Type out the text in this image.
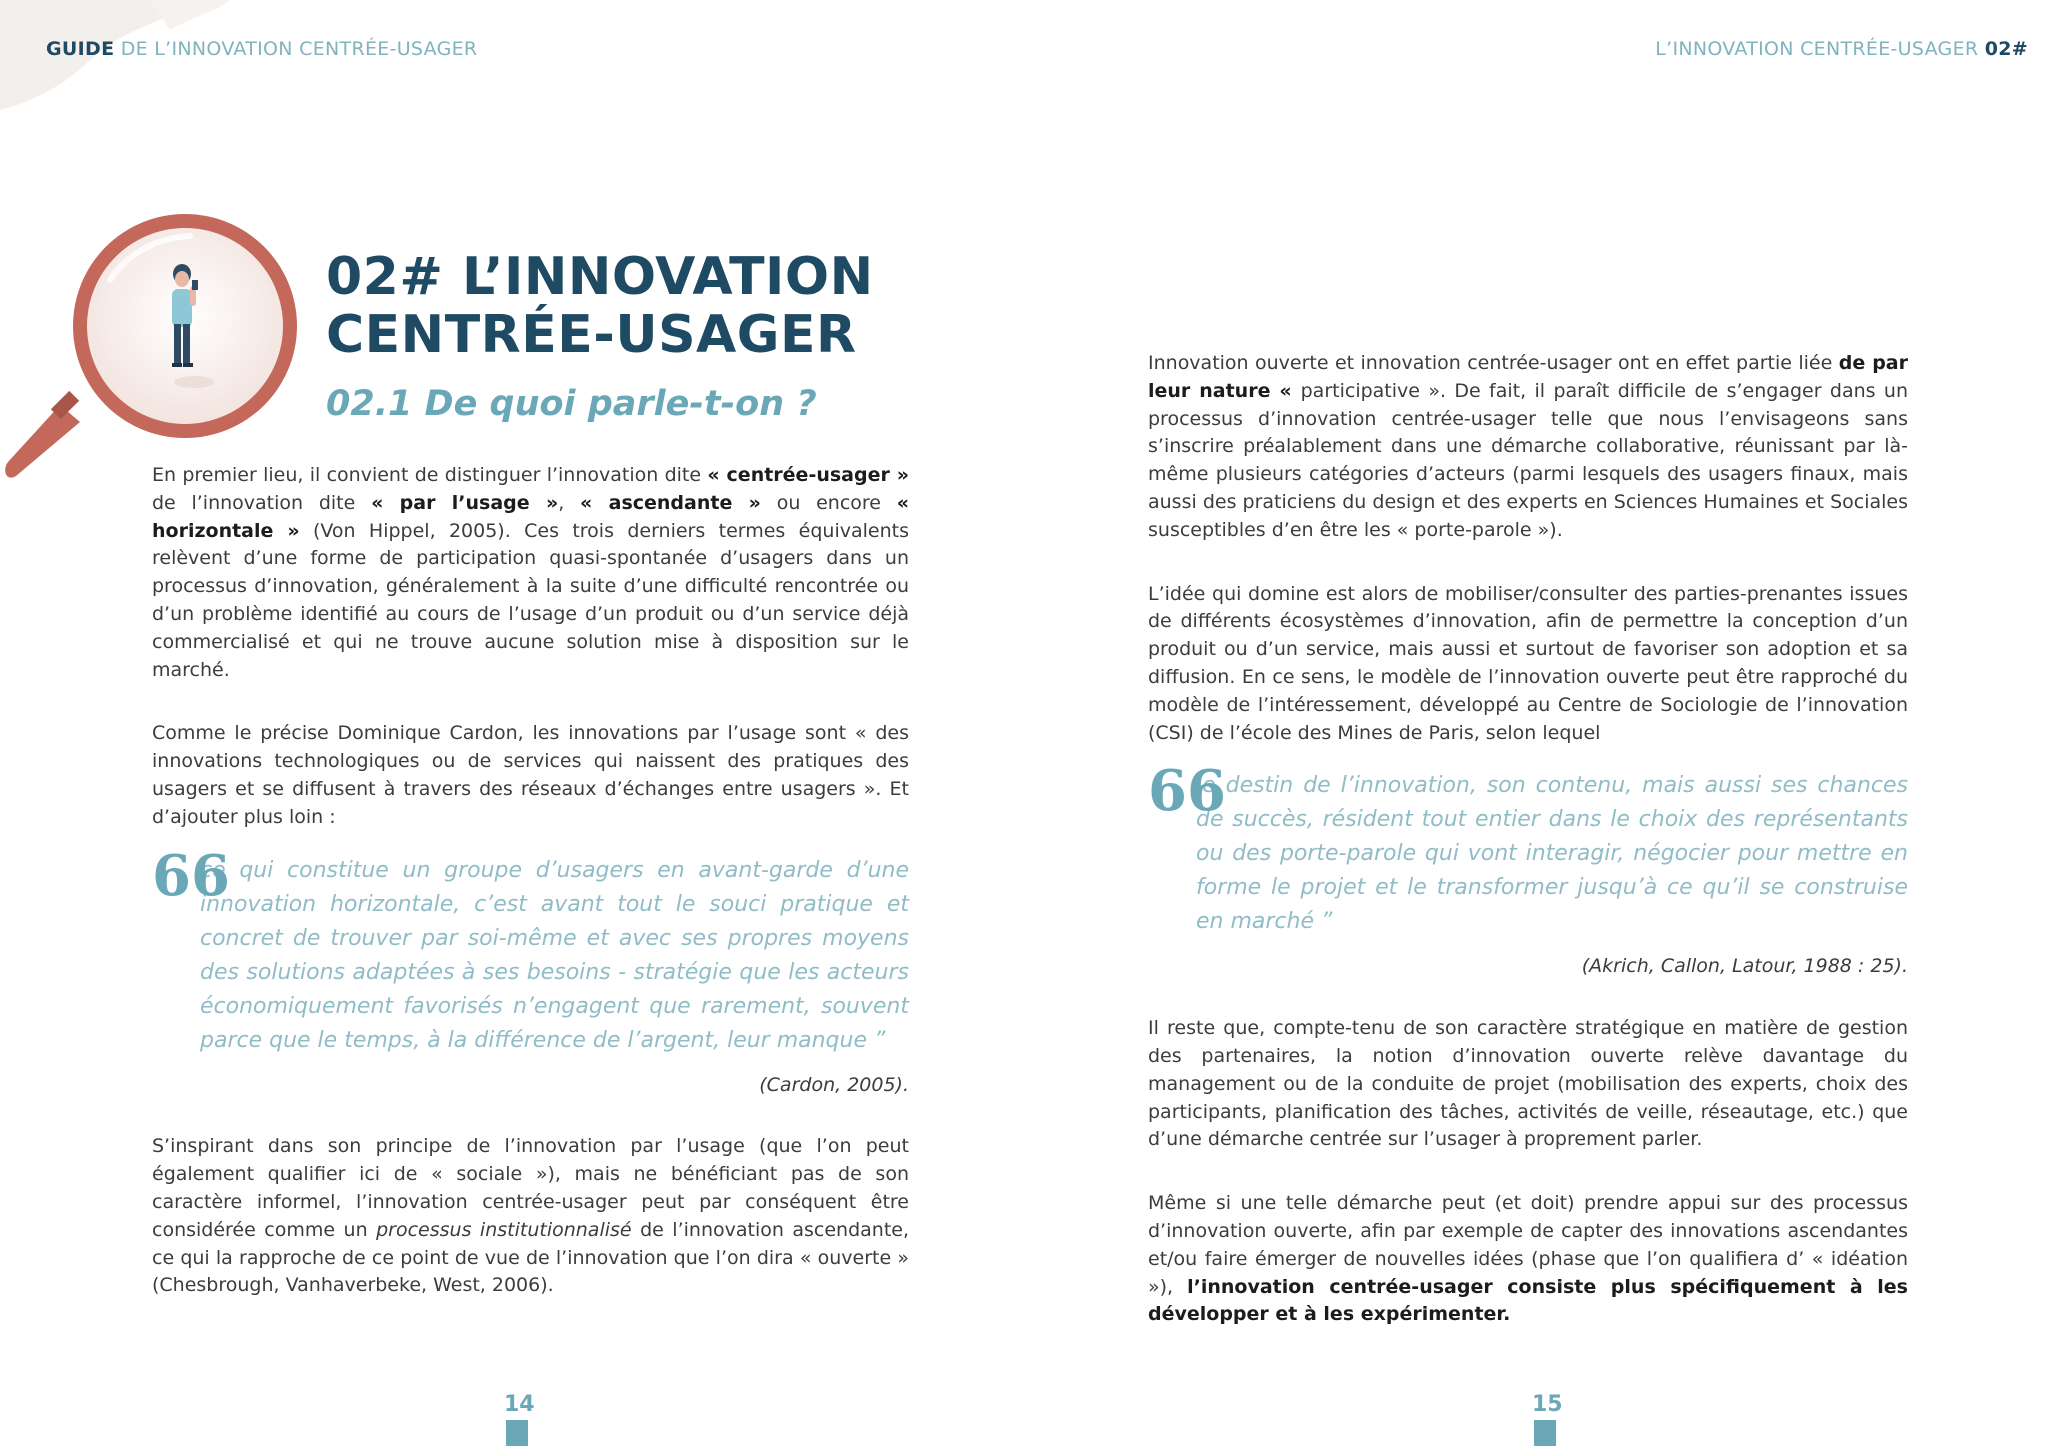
GUIDE DE L’INNOVATION CENTRÉE-USAGER	L’INNOVATION CENTRÉE-USAGER 02#
02# L’INNOVATION
CENTRÉE-USAGER
02.1 De quoi parle-t-on ?

En premier lieu, il convient de distinguer l’innovation dite « centrée-usager » de l’innovation dite « par l’usage », « ascendante » ou encore « horizontale » (Von Hippel, 2005). Ces trois derniers termes équivalents relèvent d’une forme de participation quasi-spontanée d’usagers dans un processus d’innovation, généralement à la suite d’une difficulté rencontrée ou d’un problème identifié au cours de l’usage d’un produit ou d’un service déjà commercialisé et qui ne trouve aucune solution mise à disposition sur le marché.

Comme le précise Dominique Cardon, les innovations par l’usage sont « des innovations technologiques ou de services qui naissent des pratiques des usagers et se diffusent à travers des réseaux d’échanges entre usagers ». Et d’ajouter plus loin :

66
ce qui constitue un groupe d’usagers en avant-garde d’une innovation horizontale, c’est avant tout le souci pratique et concret de trouver par soi-même et avec ses propres moyens des solutions adaptées à ses besoins - stratégie que les acteurs économiquement favorisés n’engagent que rarement, souvent parce que le temps, à la différence de l’argent, leur manque ”
(Cardon, 2005).

S’inspirant dans son principe de l’innovation par l’usage (que l’on peut également qualifier ici de « sociale »), mais ne bénéficiant pas de son caractère informel, l’innovation centrée-usager peut par conséquent être considérée comme un processus institutionnalisé de l’innovation ascendante, ce qui la rapproche de ce point de vue de l’innovation que l’on dira « ouverte » (Chesbrough, Vanhaverbeke, West, 2006).

Innovation ouverte et innovation centrée-usager ont en effet partie liée de par leur nature « participative ». De fait, il paraît difficile de s’engager dans un processus d’innovation centrée-usager telle que nous l’envisageons sans s’inscrire préalablement dans une démarche collaborative, réunissant par là-même plusieurs catégories d’acteurs (parmi lesquels des usagers finaux, mais aussi des praticiens du design et des experts en Sciences Humaines et Sociales susceptibles d’en être les « porte-parole »).

L’idée qui domine est alors de mobiliser/consulter des parties-prenantes issues de différents écosystèmes d’innovation, afin de permettre la conception d’un produit ou d’un service, mais aussi et surtout de favoriser son adoption et sa diffusion. En ce sens, le modèle de l’innovation ouverte peut être rapproché du modèle de l’intéressement, développé au Centre de Sociologie de l’innovation (CSI) de l’école des Mines de Paris, selon lequel

66
le destin de l’innovation, son contenu, mais aussi ses chances de succès, résident tout entier dans le choix des représentants ou des porte-parole qui vont interagir, négocier pour mettre en forme le projet et le transformer jusqu’à ce qu’il se construise en marché ”
(Akrich, Callon, Latour, 1988 : 25).

Il reste que, compte-tenu de son caractère stratégique en matière de gestion des partenaires, la notion d’innovation ouverte relève davantage du management ou de la conduite de projet (mobilisation des experts, choix des participants, planification des tâches, activités de veille, réseautage, etc.) que d’une démarche centrée sur l’usager à proprement parler.

Même si une telle démarche peut (et doit) prendre appui sur des processus d’innovation ouverte, afin par exemple de capter des innovations ascendantes et/ou faire émerger de nouvelles idées (phase que l’on qualifiera d’ « idéation »), l’innovation centrée-usager consiste plus spécifiquement à les développer et à les expérimenter.

14	15
